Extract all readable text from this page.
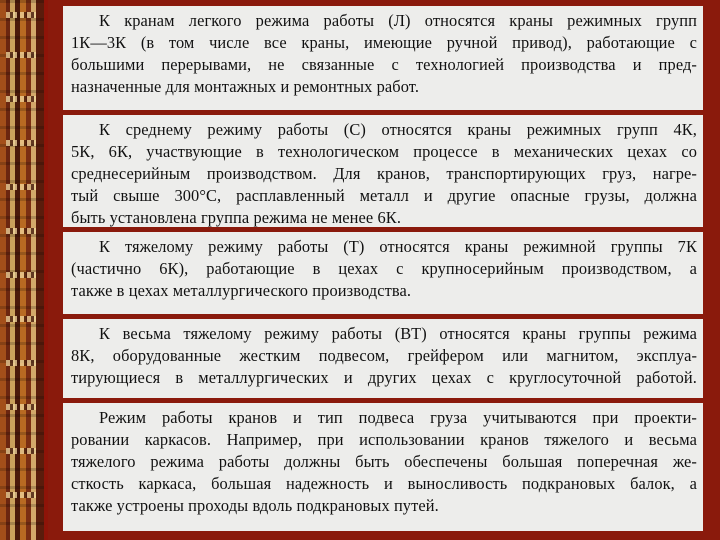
К кранам легкого режима работы (Л) относятся краны режимных групп
1К—3К (в том числе все краны, имеющие ручной привод), работающие с
большими перерывами, не связанные с технологией производства и пред-
назначенные для монтажных и ремонтных работ.
К среднему режиму работы (С) относятся краны режимных групп 4К,
5К, 6К, участвующие в технологическом процессе в механических цехах со
среднесерийным производством. Для кранов, транспортирующих груз, нагре-
тый свыше 300°С, расплавленный металл и другие опасные грузы, должна
быть установлена группа режима не менее 6К.
К тяжелому режиму работы (Т) относятся краны режимной группы 7К
(частично 6К), работающие в цехах с крупносерийным производством, а
также в цехах металлургического производства.
К весьма тяжелому режиму работы (ВТ) относятся краны группы режима
8К, оборудованные жестким подвесом, грейфером или магнитом, эксплуа-
тирующиеся в металлургических и других цехах с круглосуточной работой.
Режим работы кранов и тип подвеса груза учитываются при проекти-
ровании каркасов. Например, при использовании кранов тяжелого и весьма
тяжелого режима работы должны быть обеспечены большая поперечная же-
сткость каркаса, большая надежность и выносливость подкрановых балок, а
также устроены проходы вдоль подкрановых путей.
